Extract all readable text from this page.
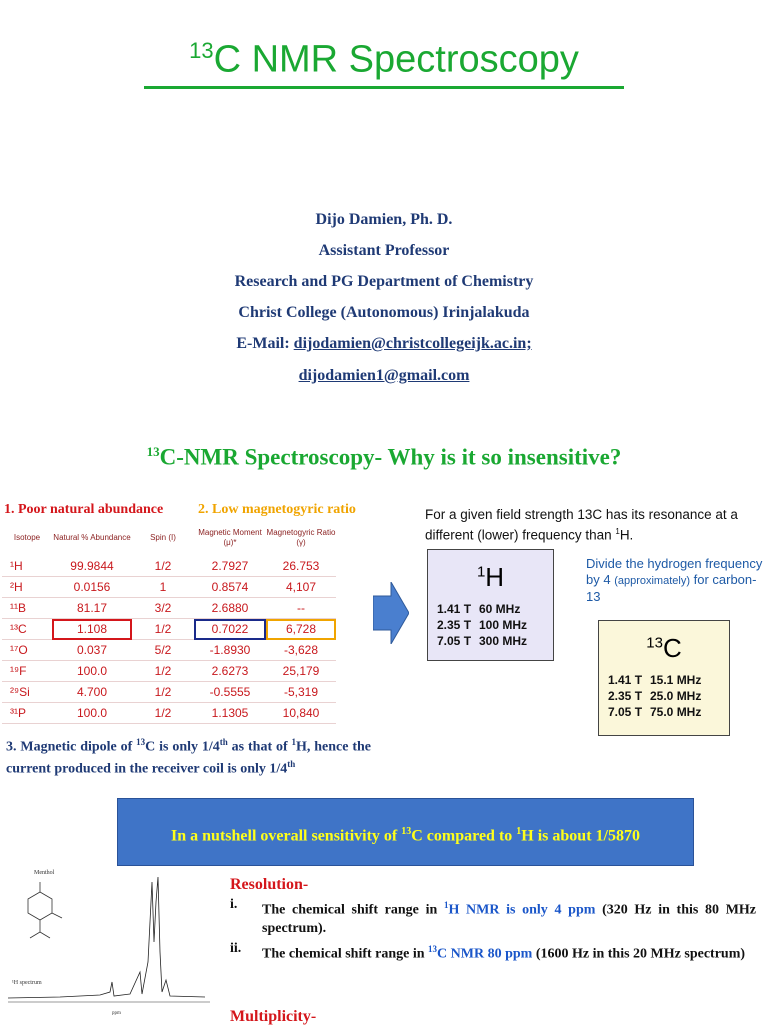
$^{13}$C NMR Spectroscopy
Dijo Damien, Ph. D.
Assistant Professor
Research and PG Department of Chemistry
Christ College (Autonomous) Irinjalakuda
E-Mail: dijodamien@christcollegeijk.ac.in;
dijodamien1@gmail.com
$^{13}$C-NMR Spectroscopy- Why is it so insensitive?
1. Poor natural abundance 2. Low magnetogyric ratio
Isotope	Natural % Abundance	Spin (I)	Magnetic Moment (μ)*	Magnetogyric Ratio (γ)
¹H	99.9844	1/2	2.7927	26.753
²H	0.0156	1	0.8574	4,107
¹¹B	81.17	3/2	2.6880	--
¹³C	1.108	1/2	0.7022	6,728
¹⁷O	0.037	5/2	-1.8930	-3,628
¹⁹F	100.0	1/2	2.6273	25,179
²⁹Si	4.700	1/2	-0.5555	-5,319
³¹P	100.0	1/2	1.1305	10,840
For a given field strength 13C has its resonance at a different (lower) frequency than $^1$H.
$^1$H
1.41 T 60 MHz
2.35 T 100 MHz
7.05 T 300 MHz
Divide the hydrogen frequency by 4 (approximately) for carbon-13
$^{13}$C
1.41 T 15.1 MHz
2.35 T 25.0 MHz
7.05 T 75.0 MHz
3. Magnetic dipole of $^{13}$C is only 1/4th as that of $^1$H, hence the current produced in the receiver coil is only 1/4th
In a nutshell overall sensitivity of $^{13}$C compared to $^1$H is about 1/5870
Menthol
¹H spectrum
ppm
Resolution-
i. The chemical shift range in $^1$H NMR is only 4 ppm (320 Hz in this 80 MHz spectrum).
ii. The chemical shift range in $^{13}$C NMR 80 ppm (1600 Hz in this 20 MHz spectrum)
Multiplicity-
